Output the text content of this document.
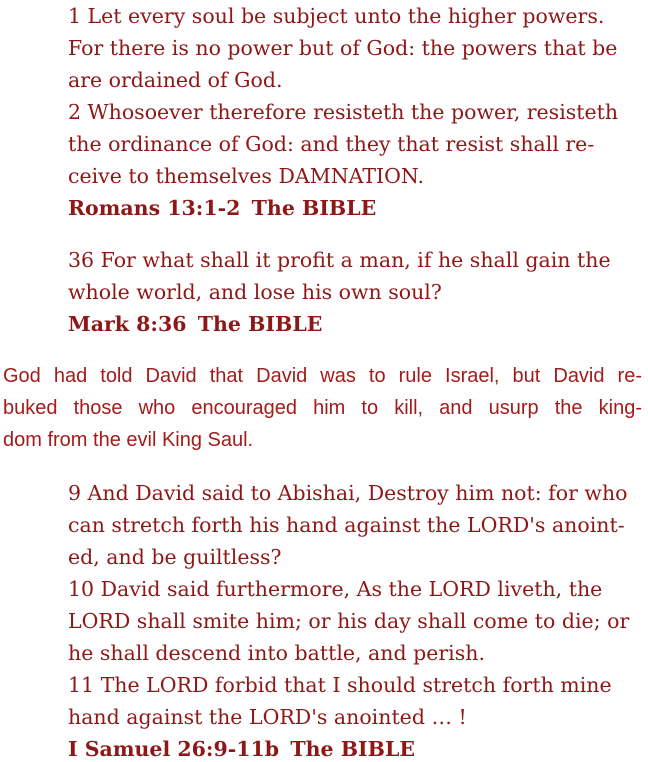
1 Let every soul be subject unto the higher powers.
For there is no power but of God: the powers that be
are ordained of God.
2 Whosoever therefore resisteth the power, resisteth
the ordinance of God: and they that resist shall re-
ceive to themselves DAMNATION.
Romans 13:1-2 The BIBLE
36 For what shall it profit a man, if he shall gain the
whole world, and lose his own soul?
Mark 8:36 The BIBLE
God had told David that David was to rule Israel, but David re-
buked those who encouraged him to kill, and usurp the king-
dom from the evil King Saul.
9 And David said to Abishai, Destroy him not: for who
can stretch forth his hand against the LORD's anoint-
ed, and be guiltless?
10 David said furthermore, As the LORD liveth, the
LORD shall smite him; or his day shall come to die; or
he shall descend into battle, and perish.
11 The LORD forbid that I should stretch forth mine
hand against the LORD's anointed … !
I Samuel 26:9-11b The BIBLE
